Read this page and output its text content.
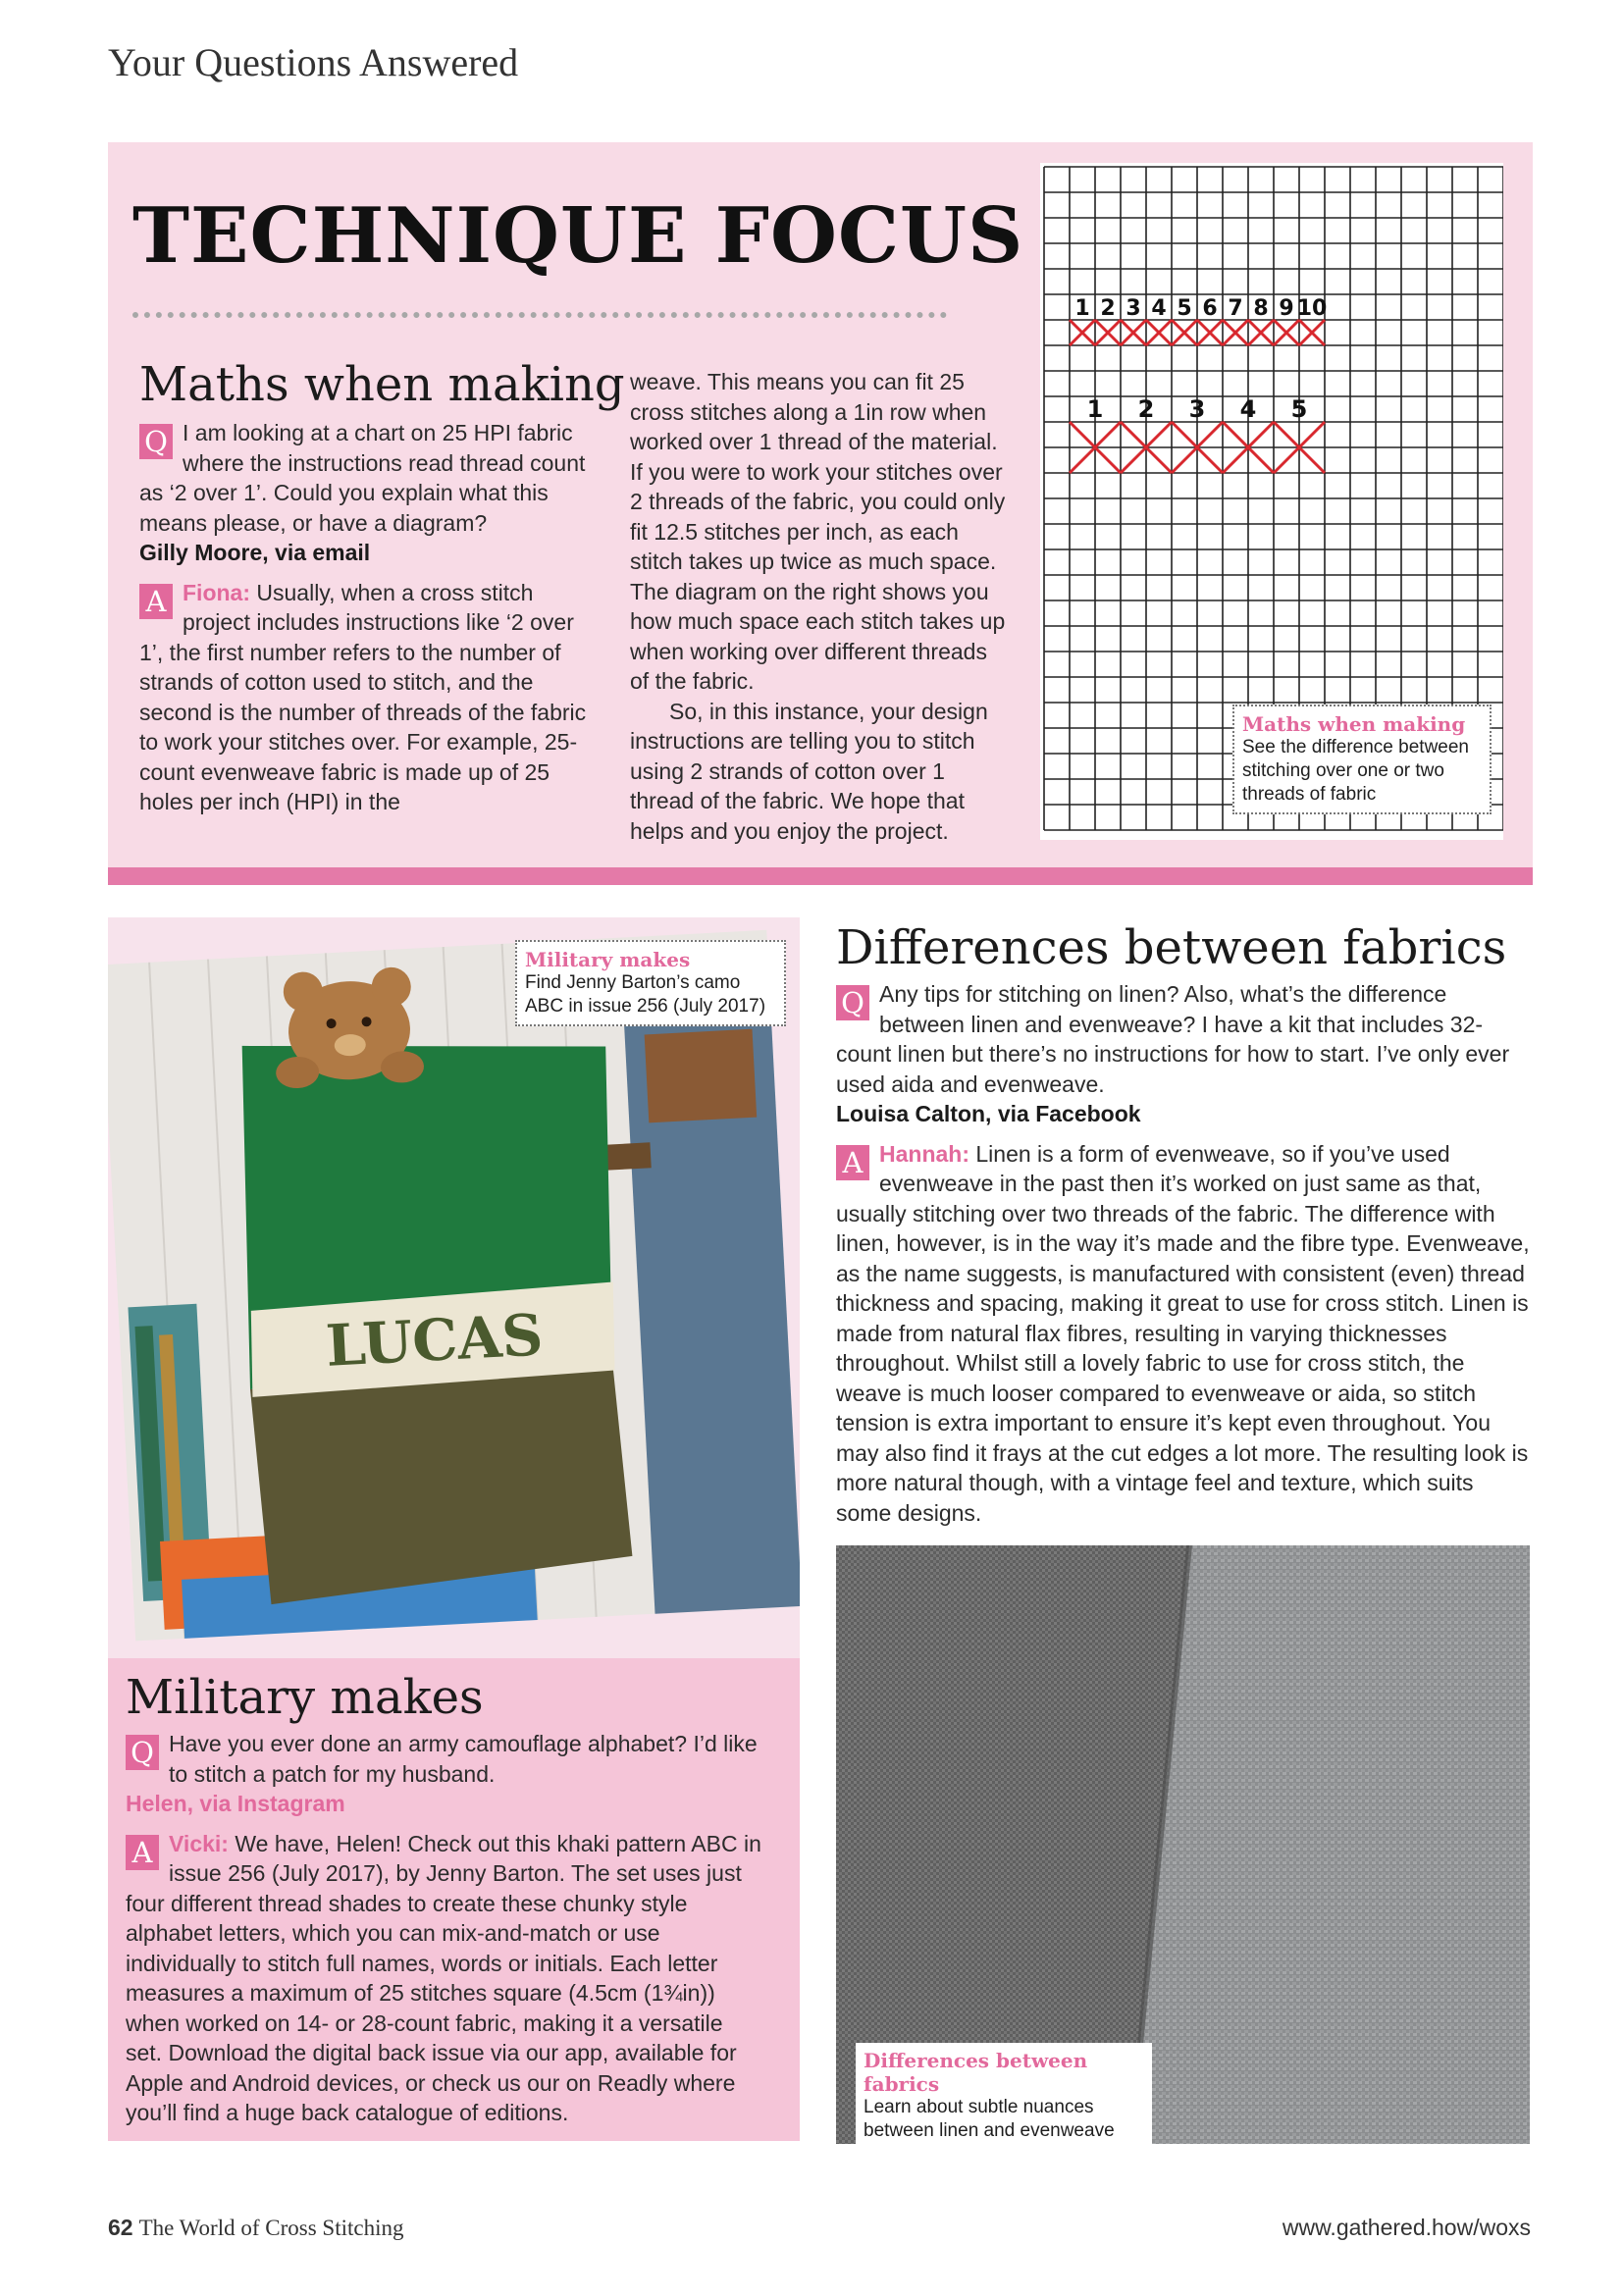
Your Questions Answered
TECHNIQUE FOCUS
Maths when making
Q I am looking at a chart on 25 HPI fabric where the instructions read thread count as ‘2 over 1’. Could you explain what this means please, or have a diagram?

Gilly Moore, via email

A Fiona: Usually, when a cross stitch project includes instructions like ‘2 over 1’, the first number refers to the number of strands of cotton used to stitch, and the second is the number of threads of the fabric to work your stitches over. For example, 25-count evenweave fabric is made up of 25 holes per inch (HPI) in the

weave. This means you can fit 25 cross stitches along a 1in row when worked over 1 thread of the material. If you were to work your stitches over 2 threads of the fabric, you could only fit 12.5 stitches per inch, as each stitch takes up twice as much space. The diagram on the right shows you how much space each stitch takes up when working over different threads of the fabric.

So, in this instance, your design instructions are telling you to stitch using 2 strands of cotton over 1 thread of the fabric. We hope that helps and you enjoy the project.

1 2 3 4 5 6 7 8 9 10
1 2 3 4 5
Maths when making
See the difference between stitching over one or two threads of fabric
LUCAS
Military makes
Find Jenny Barton’s camo ABC in issue 256 (July 2017)
Military makes
Q Have you ever done an army camouflage alphabet? I’d like to stitch a patch for my husband.

Helen, via Instagram

A Vicki: We have, Helen! Check out this khaki pattern ABC in issue 256 (July 2017), by Jenny Barton. The set uses just four different thread shades to create these chunky style alphabet letters, which you can mix-and-match or use individually to stitch full names, words or initials. Each letter measures a maximum of 25 stitches square (4.5cm (1¾in)) when worked on 14- or 28-count fabric, making it a versatile set. Download the digital back issue via our app, available for Apple and Android devices, or check us our on Readly where you’ll find a huge back catalogue of editions.
Differences between fabrics
Q Any tips for stitching on linen? Also, what’s the difference between linen and evenweave? I have a kit that includes 32-count linen but there’s no instructions for how to start. I’ve only ever used aida and evenweave.

Louisa Calton, via Facebook

A Hannah: Linen is a form of evenweave, so if you’ve used evenweave in the past then it’s worked on just same as that, usually stitching over two threads of the fabric. The difference with linen, however, is in the way it’s made and the fibre type. Evenweave, as the name suggests, is manufactured with consistent (even) thread thickness and spacing, making it great to use for cross stitch. Linen is made from natural flax fibres, resulting in varying thicknesses throughout. Whilst still a lovely fabric to use for cross stitch, the weave is much looser compared to evenweave or aida, so stitch tension is extra important to ensure it’s kept even throughout. You may also find it frays at the cut edges a lot more. The resulting look is more natural though, with a vintage feel and texture, which suits some designs.
Differences between fabrics
Learn about subtle nuances between linen and evenweave
62 The World of Cross Stitching	www.gathered.how/woxs
